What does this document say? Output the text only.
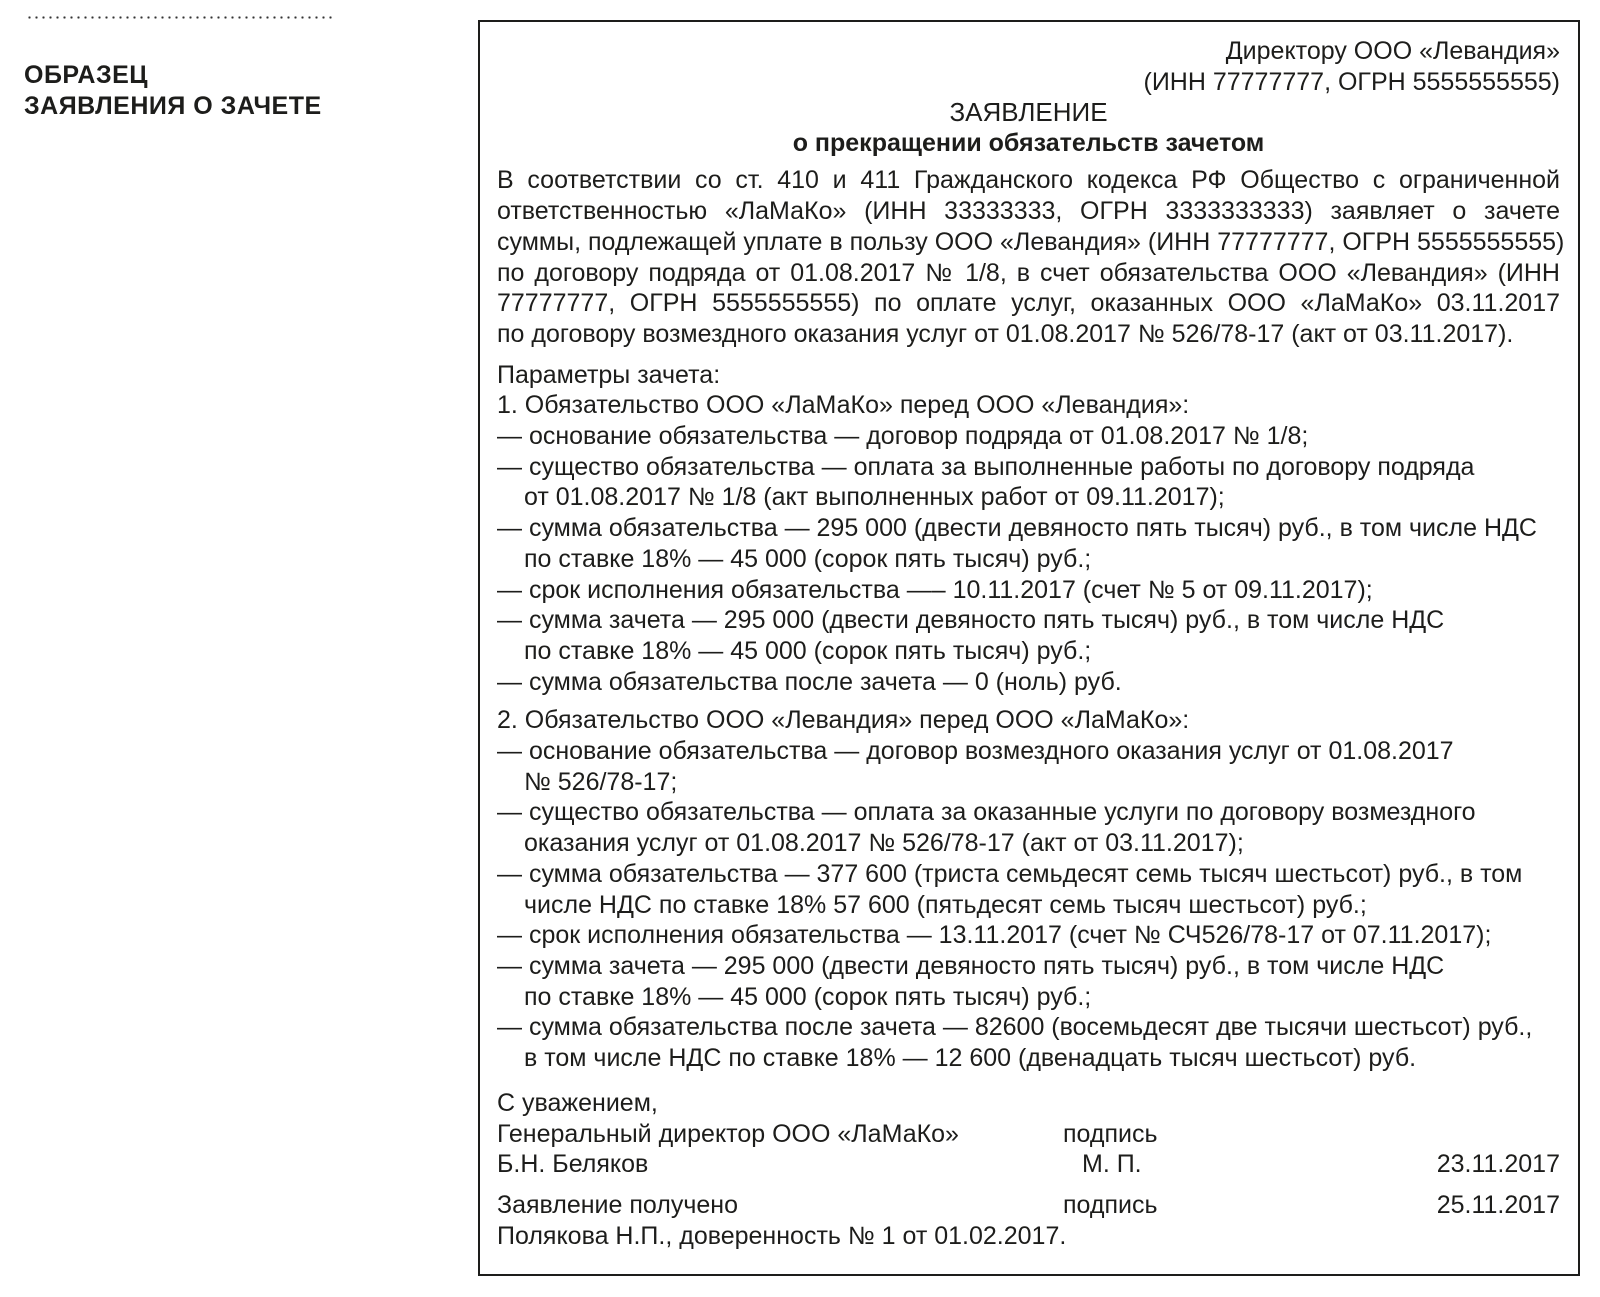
ОБРАЗЕЦ
ЗАЯВЛЕНИЯ О ЗАЧЕТЕ
Директору ООО «Левандия»
(ИНН 77777777, ОГРН 5555555555)
ЗАЯВЛЕНИЕ
о прекращении обязательств зачетом
В соответствии со ст. 410 и 411 Гражданского кодекса РФ Общество с ограниченной
ответственностью «ЛаМаКо» (ИНН 33333333, ОГРН 3333333333) заявляет о зачете
суммы, подлежащей уплате в пользу ООО «Левандия» (ИНН 77777777, ОГРН 5555555555)
по договору подряда от 01.08.2017 № 1/8, в счет обязательства ООО «Левандия» (ИНН
77777777, ОГРН 5555555555) по оплате услуг, оказанных ООО «ЛаМаКо» 03.11.2017
по договору возмездного оказания услуг от 01.08.2017 № 526/78-17 (акт от 03.11.2017).
Параметры зачета:
1. Обязательство ООО «ЛаМаКо» перед ООО «Левандия»:
— основание обязательства — договор подряда от 01.08.2017 № 1/8;
— существо обязательства — оплата за выполненные работы по договору подряда
от 01.08.2017 № 1/8 (акт выполненных работ от 09.11.2017);
— сумма обязательства — 295 000 (двести девяносто пять тысяч) руб., в том числе НДС
по ставке 18% — 45 000 (сорок пять тысяч) руб.;
— срок исполнения обязательства —– 10.11.2017 (счет № 5 от 09.11.2017);
— сумма зачета — 295 000 (двести девяносто пять тысяч) руб., в том числе НДС
по ставке 18% — 45 000 (сорок пять тысяч) руб.;
— сумма обязательства после зачета — 0 (ноль) руб.
2. Обязательство ООО «Левандия» перед ООО «ЛаМаКо»:
— основание обязательства — договор возмездного оказания услуг от 01.08.2017
№ 526/78-17;
— существо обязательства — оплата за оказанные услуги по договору возмездного
оказания услуг от 01.08.2017 № 526/78-17 (акт от 03.11.2017);
— сумма обязательства — 377 600 (триста семьдесят семь тысяч шестьсот) руб., в том
числе НДС по ставке 18% 57 600 (пятьдесят семь тысяч шестьсот) руб.;
— срок исполнения обязательства — 13.11.2017 (счет № СЧ526/78-17 от 07.11.2017);
— сумма зачета — 295 000 (двести девяносто пять тысяч) руб., в том числе НДС
по ставке 18% — 45 000 (сорок пять тысяч) руб.;
— сумма обязательства после зачета — 82600 (восемьдесят две тысячи шестьсот) руб.,
в том числе НДС по ставке 18% — 12 600 (двенадцать тысяч шестьсот) руб.
С уважением,
Генеральный директор ООО «ЛаМаКо»	подпись
Б.Н. Беляков	М. П.	23.11.2017
Заявление получено	подпись	25.11.2017
Полякова Н.П., доверенность № 1 от 01.02.2017.
